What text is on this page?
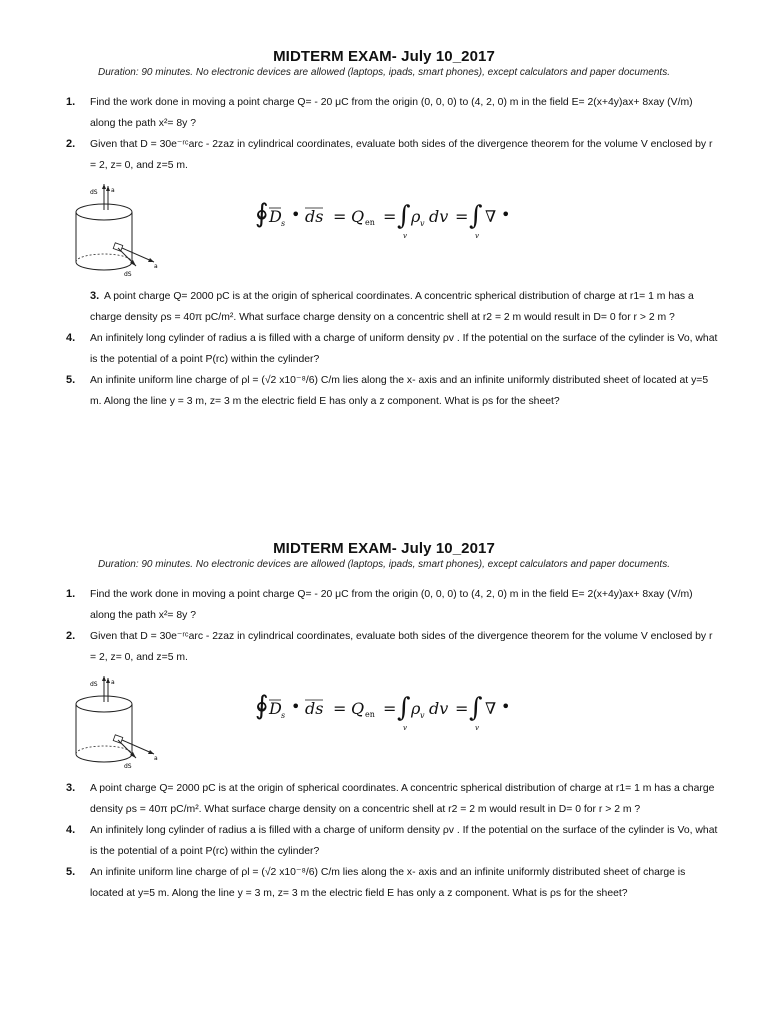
MIDTERM EXAM- July 10_2017

Duration: 90 minutes. No electronic devices are allowed (laptops, ipads, smart phones), except calculators and paper documents.

1. Find the work done in moving a point charge Q= - 20 μC from the origin (0, 0, 0) to (4, 2, 0) m in the field E= 2(x+4y)ax+ 8xay (V/m) along the path x²= 8y ?
2. Given that D = 30e⁻ʳᶜarc - 2zaz in cylindrical coordinates, evaluate both sides of the divergence theorem for the volume V enclosed by r = 2, z= 0, and z=5 m.
dS a
dS
a
∮ D s • ds = Q en = ∫
v
ρ v dv = ∫
v
∇ •
3. A point charge Q= 2000 pC is at the origin of spherical coordinates. A concentric spherical distribution of charge at r1= 1 m has a charge density ρs = 40π pC/m². What surface charge density on a concentric shell at r2 = 2 m would result in D= 0 for r > 2 m ?
4. An infinitely long cylinder of radius a is filled with a charge of uniform density ρv . If the potential on the surface of the cylinder is Vo, what is the potential of a point P(rc) within the cylinder?
5. An infinite uniform line charge of ρl = (√2 x10⁻⁸/6) C/m lies along the x- axis and an infinite uniformly distributed sheet of located at y=5 m. Along the line y = 3 m, z= 3 m the electric field E has only a z component. What is ρs for the sheet?
MIDTERM EXAM- July 10_2017

Duration: 90 minutes. No electronic devices are allowed (laptops, ipads, smart phones), except calculators and paper documents.

1. Find the work done in moving a point charge Q= - 20 μC from the origin (0, 0, 0) to (4, 2, 0) m in the field E= 2(x+4y)ax+ 8xay (V/m) along the path x²= 8y ?
2. Given that D = 30e⁻ʳᶜarc - 2zaz in cylindrical coordinates, evaluate both sides of the divergence theorem for the volume V enclosed by r = 2, z= 0, and z=5 m.
dS a
dS
a
∮ D s • ds = Q en = ∫
v
ρ v dv = ∫
v
∇ •
3. A point charge Q= 2000 pC is at the origin of spherical coordinates. A concentric spherical distribution of charge at r1= 1 m has a charge density ρs = 40π pC/m². What surface charge density on a concentric shell at r2 = 2 m would result in D= 0 for r > 2 m ?
4. An infinitely long cylinder of radius a is filled with a charge of uniform density ρv . If the potential on the surface of the cylinder is Vo, what is the potential of a point P(rc) within the cylinder?
5. An infinite uniform line charge of ρl = (√2 x10⁻⁸/6) C/m lies along the x- axis and an infinite uniformly distributed sheet of charge is located at y=5 m. Along the line y = 3 m, z= 3 m the electric field E has only a z component. What is ρs for the sheet?
